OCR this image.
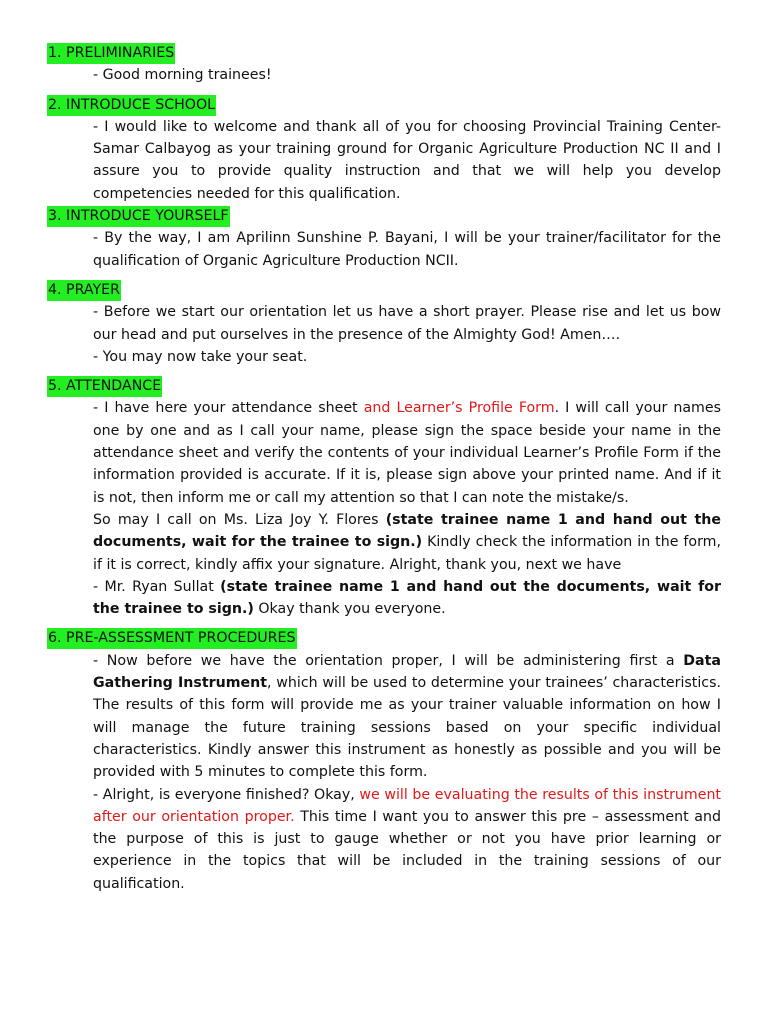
1. PRELIMINARIES

- Good morning trainees!

2. INTRODUCE SCHOOL

- I would like to welcome and thank all of you for choosing Provincial Training Center- Samar Calbayog as your training ground for Organic Agriculture Production NC II and I assure you to provide quality instruction and that we will help you develop competencies needed for this qualification.

3. INTRODUCE YOURSELF

- By the way, I am Aprilinn Sunshine P. Bayani, I will be your trainer/facilitator for the qualification of Organic Agriculture Production NCII.

4. PRAYER

- Before we start our orientation let us have a short prayer. Please rise and let us bow our head and put ourselves in the presence of the Almighty God! Amen….

- You may now take your seat.

5. ATTENDANCE

- I have here your attendance sheet and Learner’s Profile Form. I will call your names one by one and as I call your name, please sign the space beside your name in the attendance sheet and verify the contents of your individual Learner’s Profile Form if the information provided is accurate. If it is, please sign above your printed name. And if it is not, then inform me or call my attention so that I can note the mistake/s.

So may I call on Ms. Liza Joy Y. Flores (state trainee name 1 and hand out the documents, wait for the trainee to sign.) Kindly check the information in the form, if it is correct, kindly affix your signature. Alright, thank you, next we have

- Mr. Ryan Sullat (state trainee name 1 and hand out the documents, wait for the trainee to sign.) Okay thank you everyone.

6. PRE-ASSESSMENT PROCEDURES

- Now before we have the orientation proper, I will be administering first a Data Gathering Instrument, which will be used to determine your trainees’ characteristics. The results of this form will provide me as your trainer valuable information on how I will manage the future training sessions based on your specific individual characteristics. Kindly answer this instrument as honestly as possible and you will be provided with 5 minutes to complete this form.

- Alright, is everyone finished? Okay, we will be evaluating the results of this instrument after our orientation proper. This time I want you to answer this pre – assessment and the purpose of this is just to gauge whether or not you have prior learning or experience in the topics that will be included in the training sessions of our qualification.
